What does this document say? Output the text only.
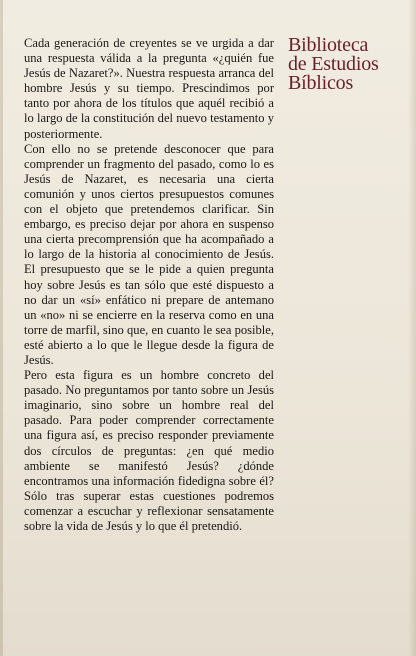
Cada generación de creyentes se ve urgida a dar una respuesta válida a la pregunta «¿quién fue Jesús de Nazaret?». Nuestra respuesta arranca del hombre Jesús y su tiempo. Prescindimos por tanto por ahora de los títulos que aquél recibió a lo largo de la constitución del nuevo testamento y posteriormente.

Con ello no se pretende desconocer que para comprender un fragmento del pasado, como lo es Jesús de Nazaret, es necesaria una cierta comunión y unos ciertos presupuestos comunes con el objeto que pretendemos clarificar. Sin embargo, es preciso dejar por ahora en suspenso una cierta precomprensión que ha acompañado a lo largo de la historia al conocimiento de Jesús. El presupuesto que se le pide a quien pregunta hoy sobre Jesús es tan sólo que esté dispuesto a no dar un «sí» enfático ni prepare de antemano un «no» ni se encierre en la reserva como en una torre de marfil, sino que, en cuanto le sea posible, esté abierto a lo que le llegue desde la figura de Jesús.

Pero esta figura es un hombre concreto del pasado. No preguntamos por tanto sobre un Jesús imaginario, sino sobre un hombre real del pasado. Para poder comprender correctamente una figura así, es preciso responder previamente dos círculos de preguntas: ¿en qué medio ambiente se manifestó Jesús? ¿dónde encontramos una información fidedigna sobre él? Sólo tras superar estas cuestiones podremos comenzar a escuchar y reflexionar sensatamente sobre la vida de Jesús y lo que él pretendió.

Biblioteca
de Estudios
Bíblicos
